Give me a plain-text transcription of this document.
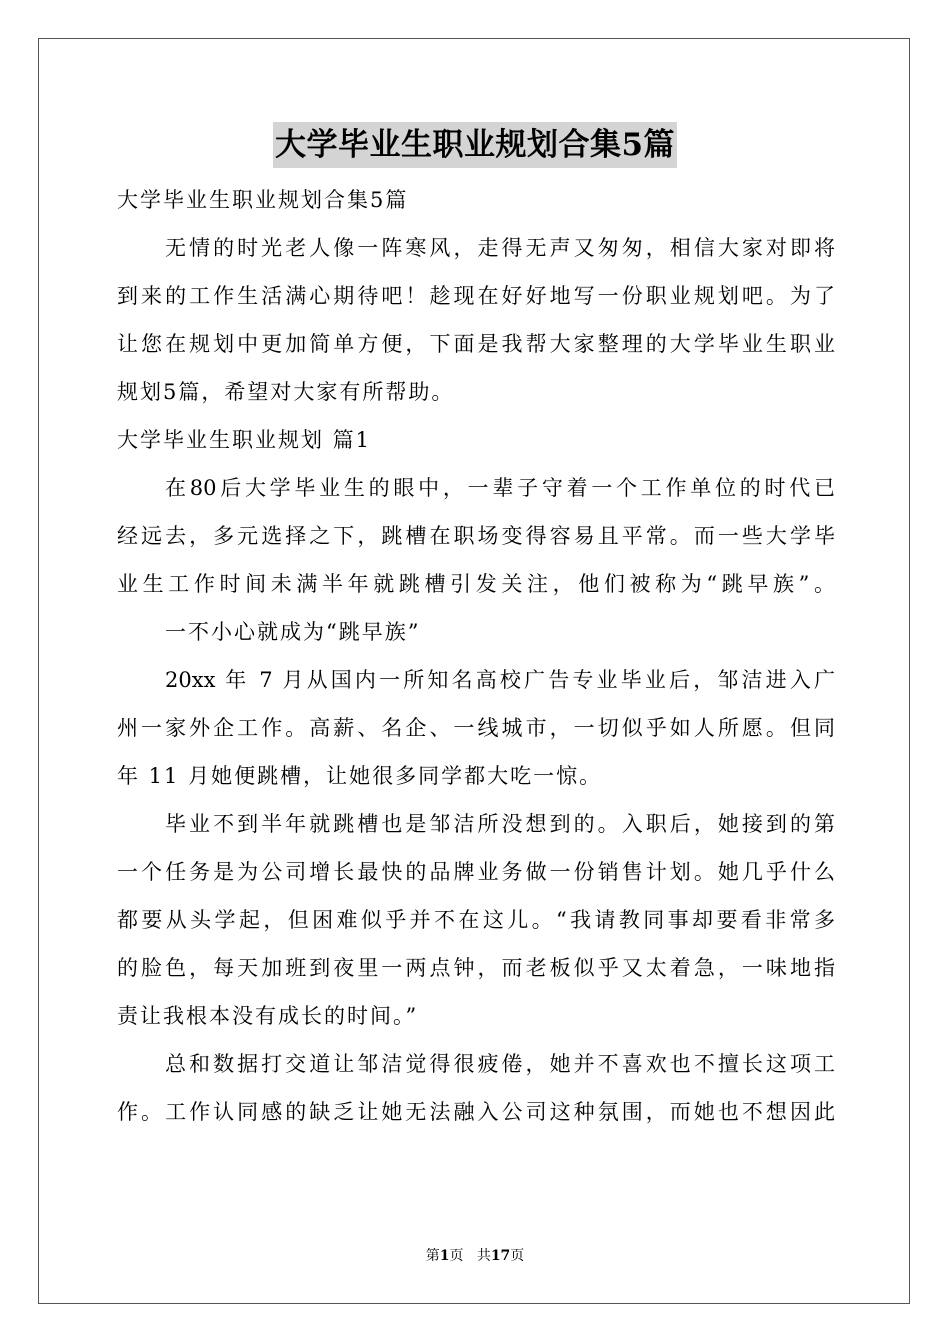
大学毕业生职业规划合集5篇
大学毕业生职业规划合集5篇
无情的时光老人像一阵寒风，走得无声又匆匆，相信大家对即将
到来的工作生活满心期待吧！趁现在好好地写一份职业规划吧。为了
让您在规划中更加简单方便，下面是我帮大家整理的大学毕业生职业
规划5篇，希望对大家有所帮助。
大学毕业生职业规划 篇1
在80后大学毕业生的眼中，一辈子守着一个工作单位的时代已
经远去，多元选择之下，跳槽在职场变得容易且平常。而一些大学毕
业生工作时间未满半年就跳槽引发关注，他们被称为“跳早族”。
一不小心就成为“跳早族”
20xx 年 7 月从国内一所知名高校广告专业毕业后，邹洁进入广
州一家外企工作。高薪、名企、一线城市，一切似乎如人所愿。但同
年 11 月她便跳槽，让她很多同学都大吃一惊。
毕业不到半年就跳槽也是邹洁所没想到的。入职后，她接到的第
一个任务是为公司增长最快的品牌业务做一份销售计划。她几乎什么
都要从头学起，但困难似乎并不在这儿。“我请教同事却要看非常多
的脸色，每天加班到夜里一两点钟，而老板似乎又太着急，一味地指
责让我根本没有成长的时间。”
总和数据打交道让邹洁觉得很疲倦，她并不喜欢也不擅长这项工
作。工作认同感的缺乏让她无法融入公司这种氛围，而她也不想因此
第1页 共17页
